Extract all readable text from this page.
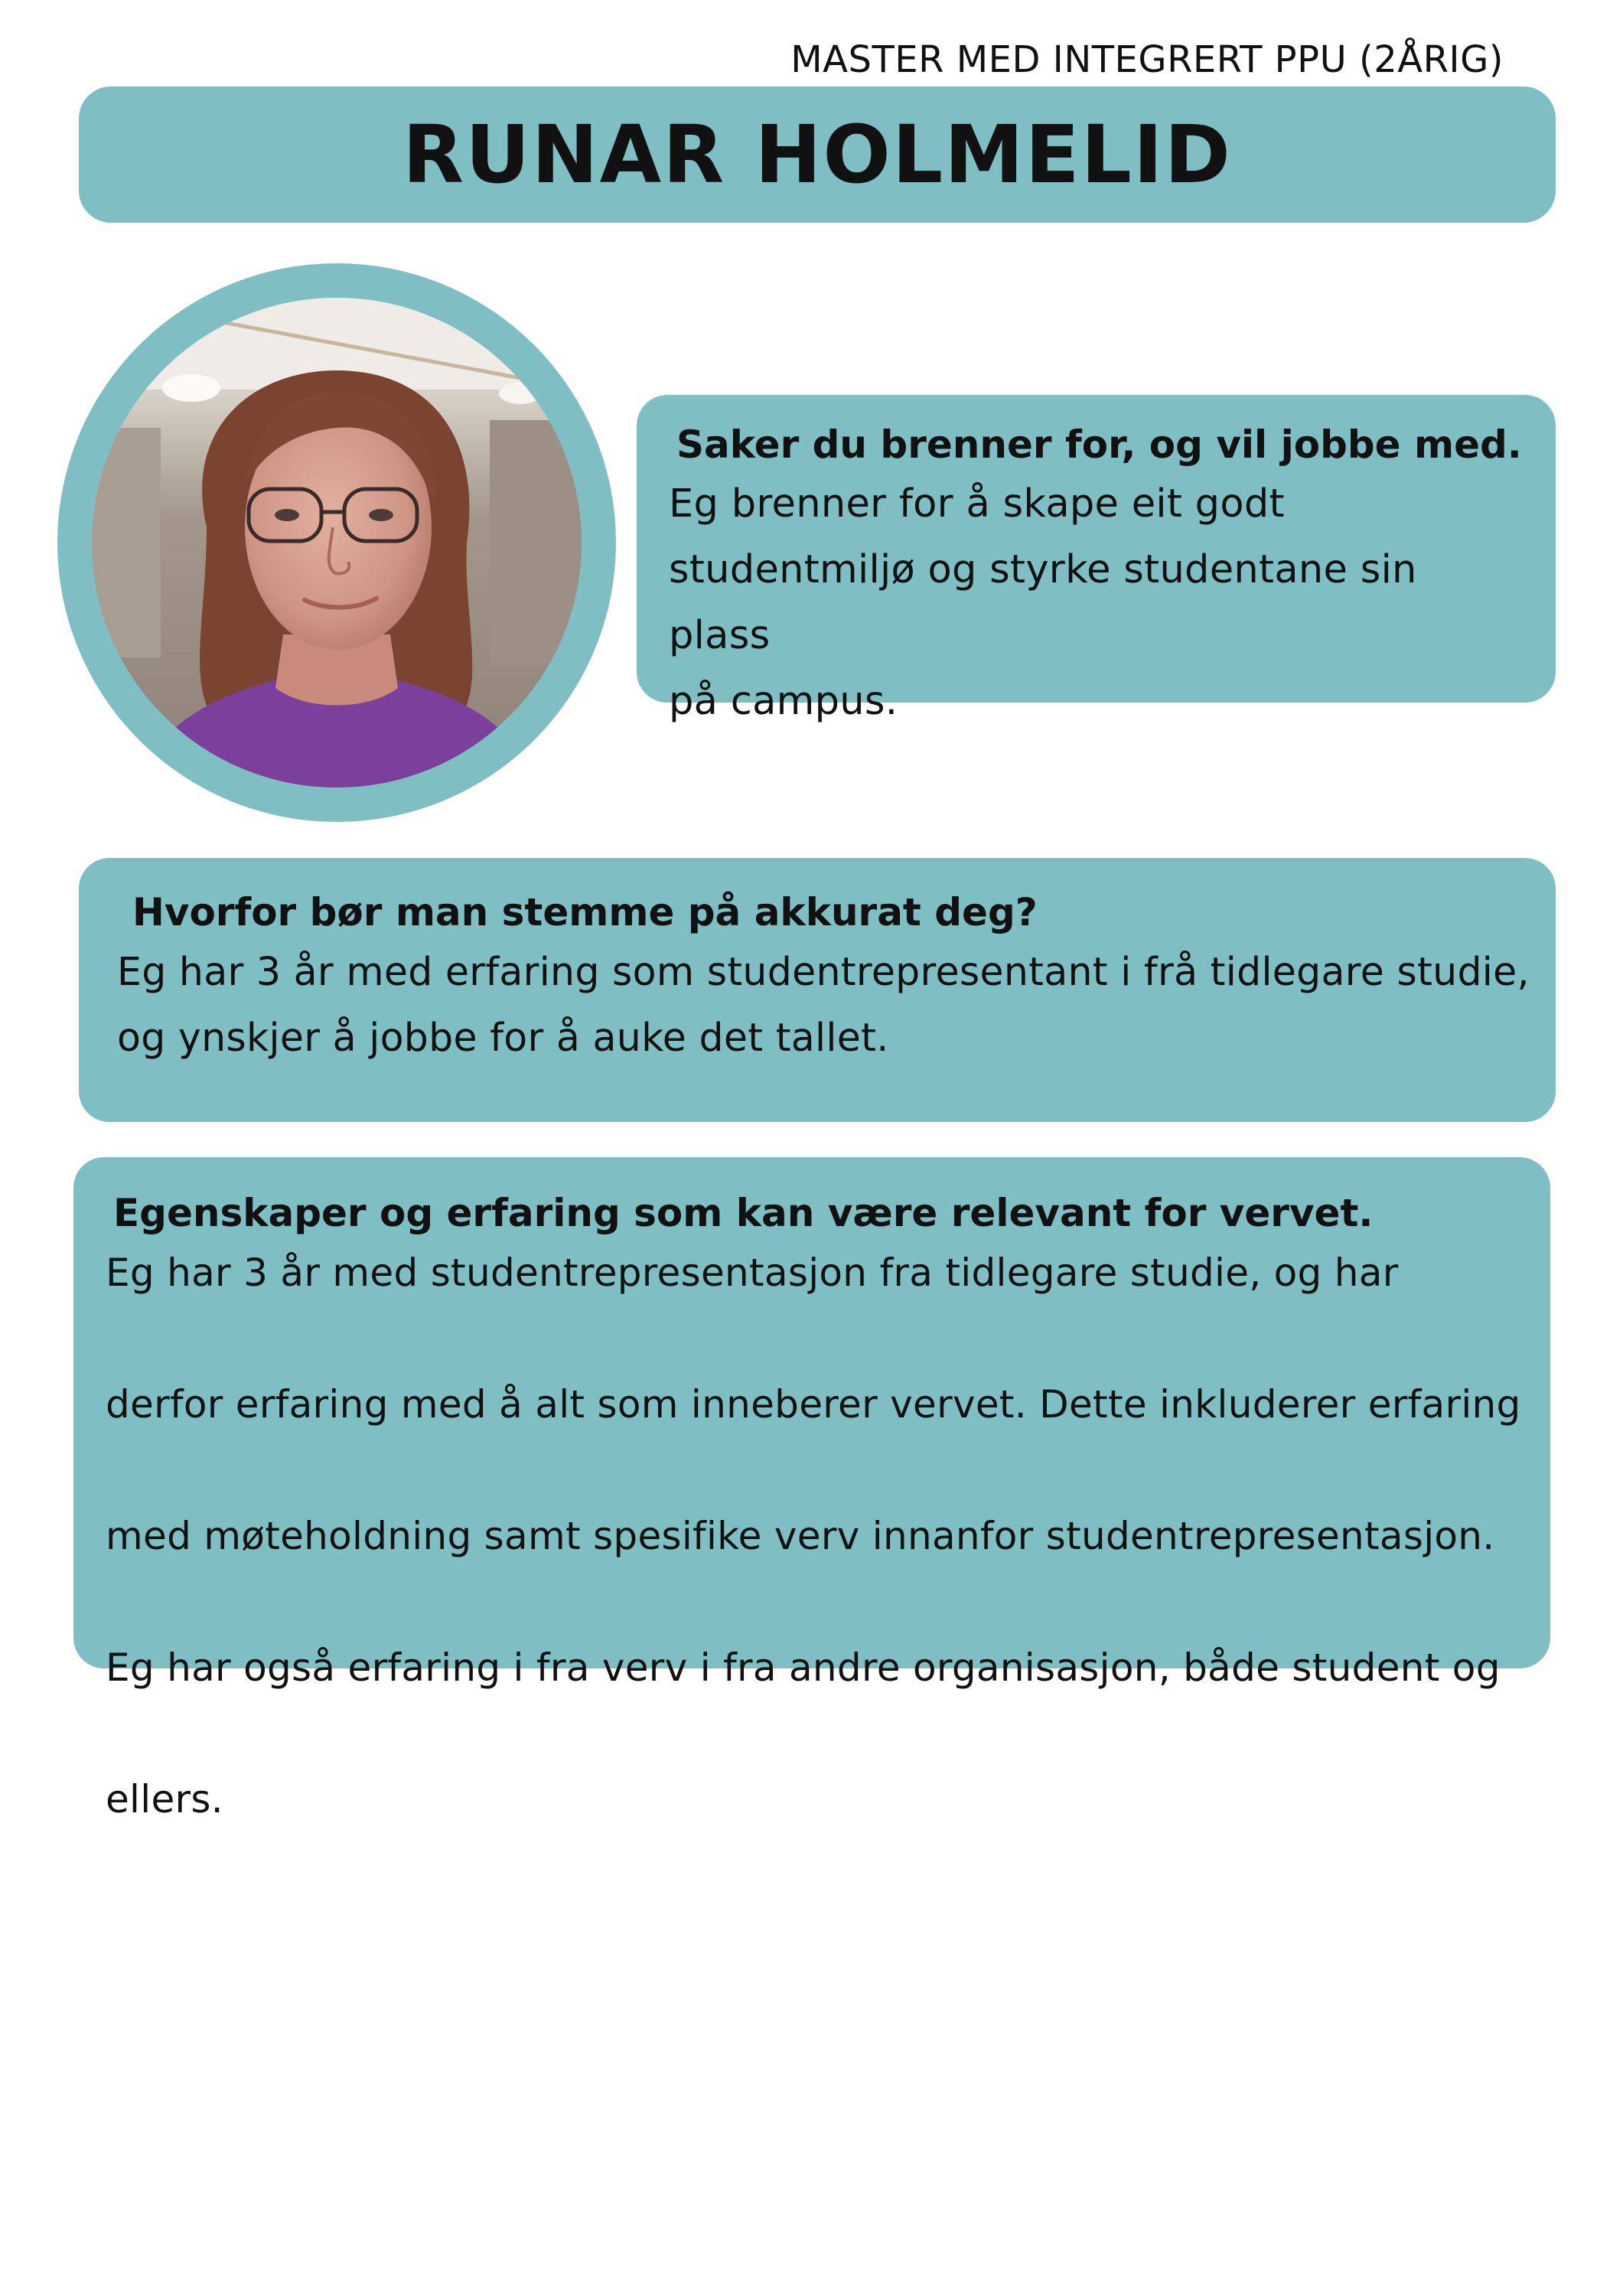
MASTER MED INTEGRERT PPU (2ÅRIG)
RUNAR HOLMELID
Saker du brenner for, og vil jobbe med.

Eg brenner for å skape eit godt

studentmiljø og styrke studentane sin plass

på campus.

Hvorfor bør man stemme på akkurat deg?

Eg har 3 år med erfaring som studentrepresentant i frå tidlegare studie,

og ynskjer å jobbe for å auke det tallet.

Egenskaper og erfaring som kan være relevant for vervet.

Eg har 3 år med studentrepresentasjon fra tidlegare studie, og har

derfor erfaring med å alt som inneberer vervet. Dette inkluderer erfaring

med møteholdning samt spesifike verv innanfor studentrepresentasjon.

Eg har også erfaring i fra verv i fra andre organisasjon, både student og

ellers.
